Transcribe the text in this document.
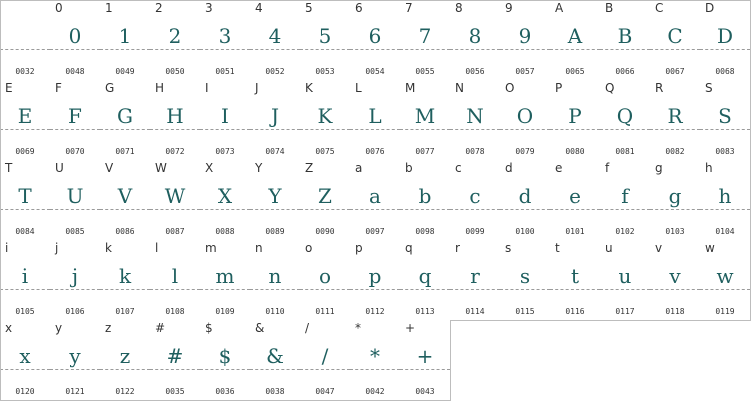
0032
0
0
0048
1
1
0049
2
2
0050
3
3
0051
4
4
0052
5
5
0053
6
6
0054
7
7
0055
8
8
0056
9
9
0057
A
A
0065
B
B
0066
C
C
0067
D
D
0068
E
E
0069
F
F
0070
G
G
0071
H
H
0072
I
I
0073
J
J
0074
K
K
0075
L
L
0076
M
M
0077
N
N
0078
O
O
0079
P
P
0080
Q
Q
0081
R
R
0082
S
S
0083
T
T
0084
U
U
0085
V
V
0086
W
W
0087
X
X
0088
Y
Y
0089
Z
Z
0090
a
a
0097
b
b
0098
c
c
0099
d
d
0100
e
e
0101
f
f
0102
g
g
0103
h
h
0104
i
i
0105
j
j
0106
k
k
0107
l
l
0108
m
m
0109
n
n
0110
o
o
0111
p
p
0112
q
q
0113
r
r
0114
s
s
0115
t
t
0116
u
u
0117
v
v
0118
w
w
0119
x
x
0120
y
y
0121
z
z
0122
#
#
0035
$
$
0036
&
&
0038
/
/
0047
*
*
0042
+
+
0043
